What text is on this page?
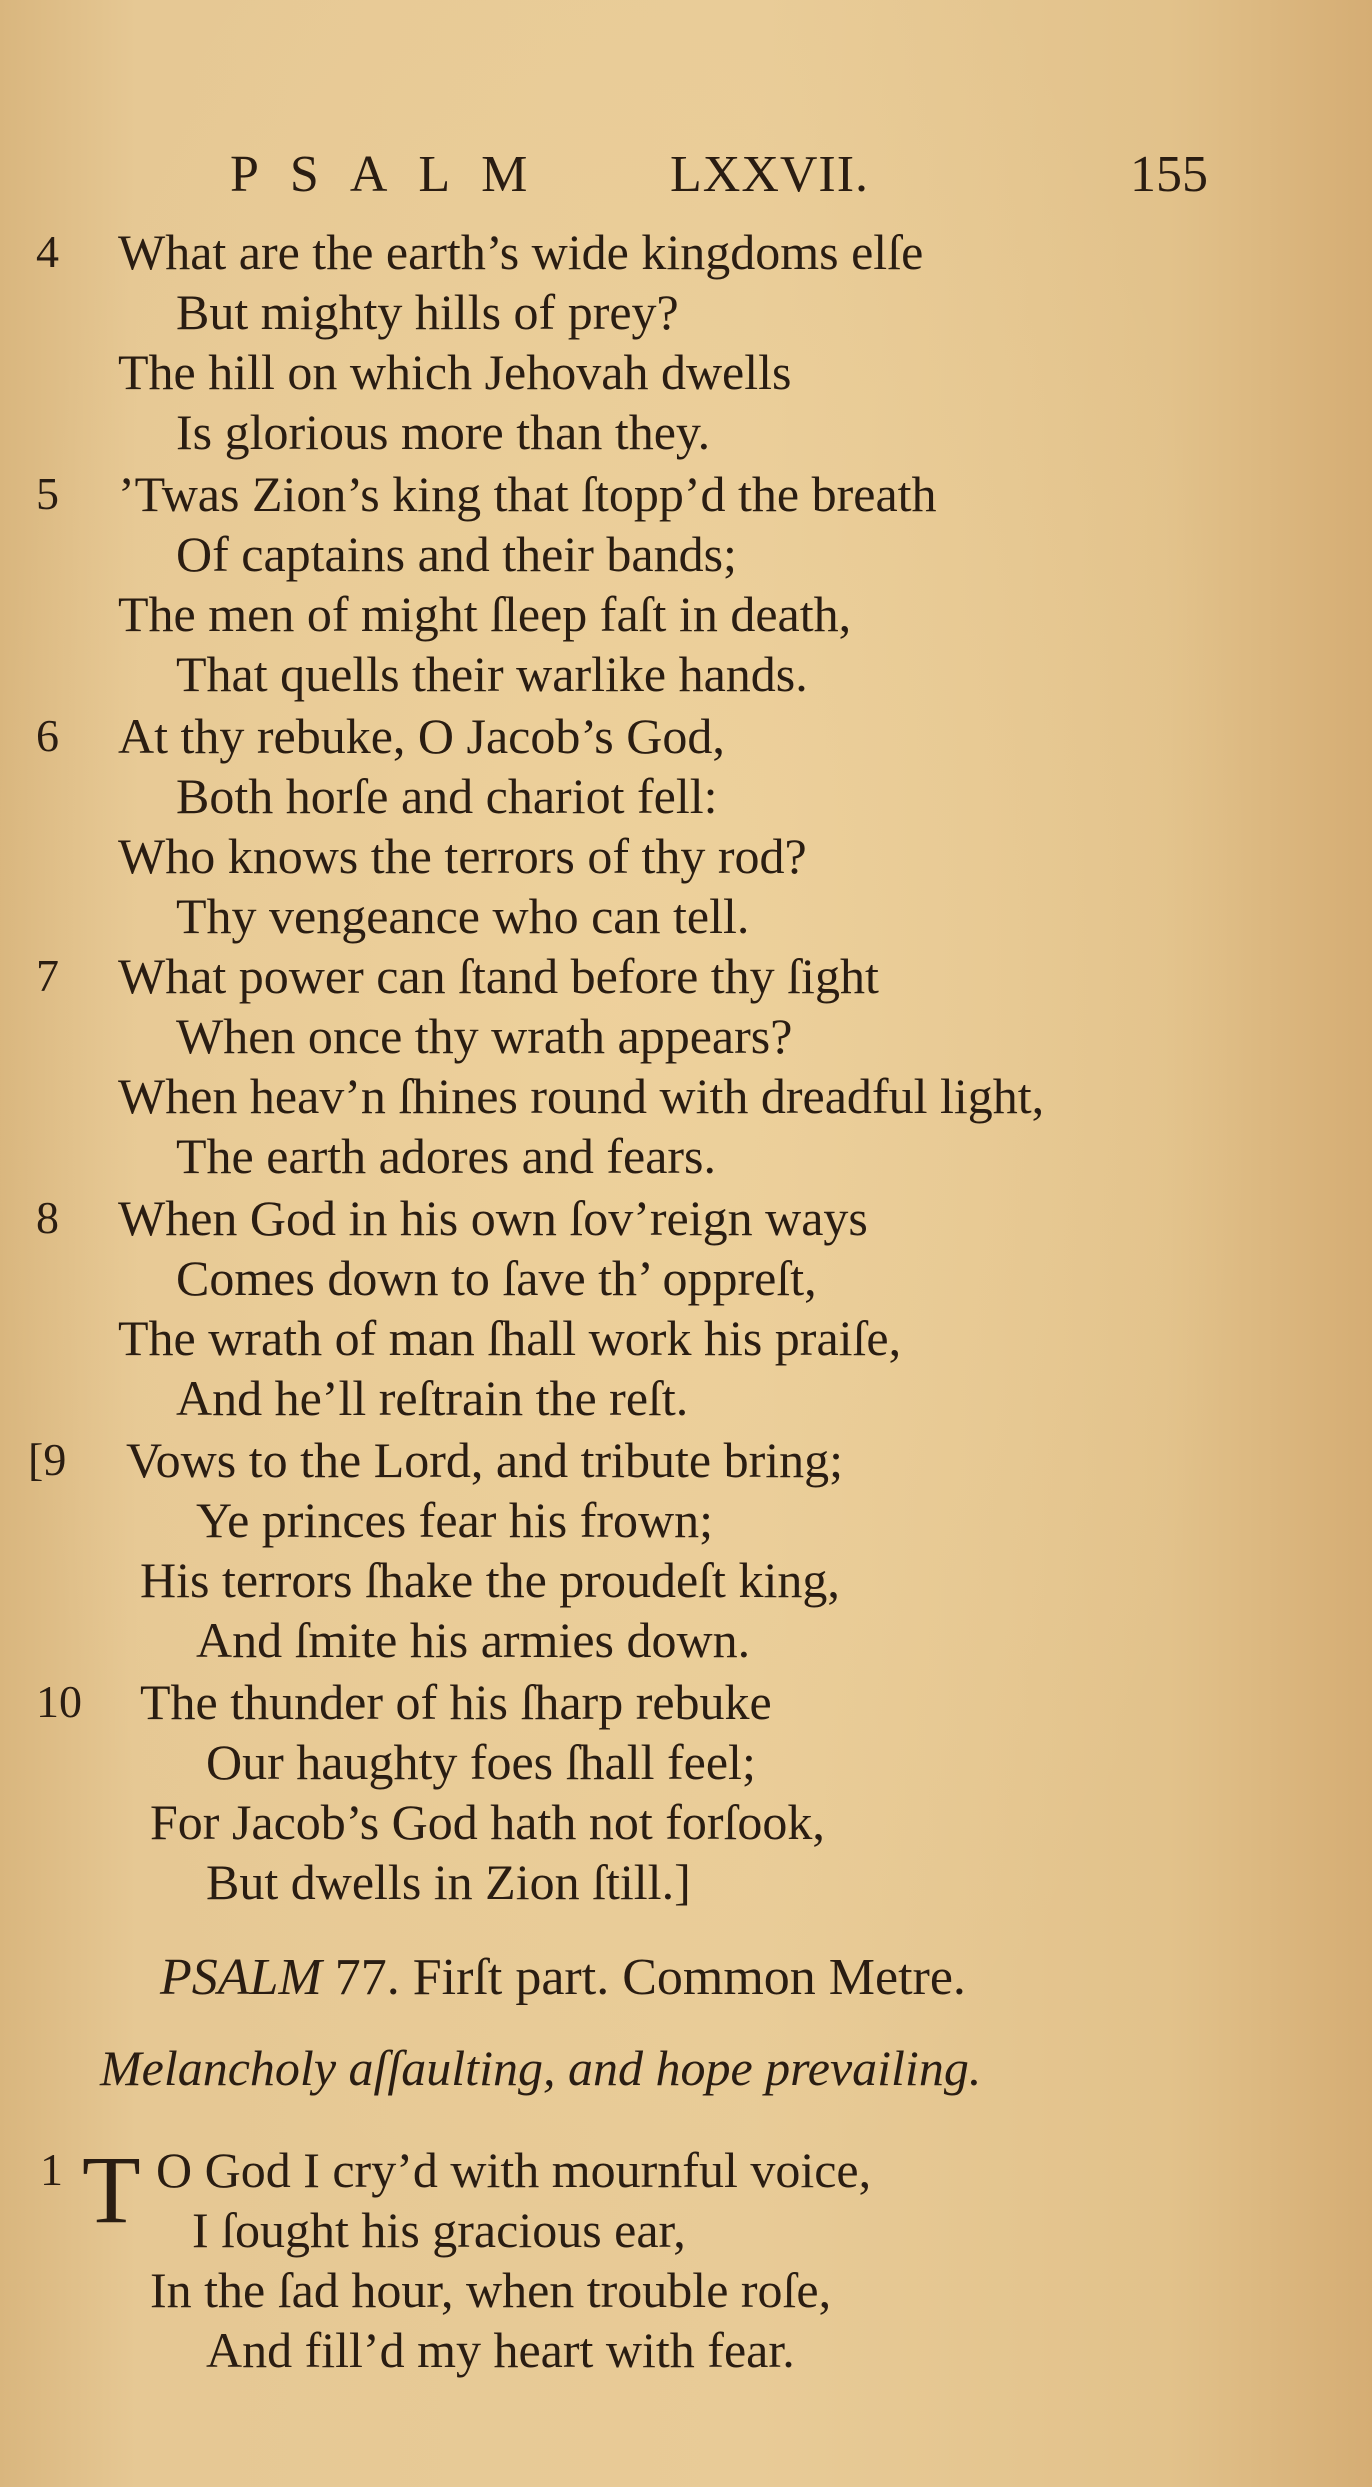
PSALM LXXVII.	155
4 What are the earth’s wide kingdoms elſe
But mighty hills of prey?
The hill on which Jehovah dwells
Is glorious more than they.
5 ’Twas Zion’s king that ſtopp’d the breath
Of captains and their bands;
The men of might ſleep faſt in death,
That quells their warlike hands.
6 At thy rebuke, O Jacob’s God,
Both horſe and chariot fell:
Who knows the terrors of thy rod?
Thy vengeance who can tell.
7 What power can ſtand before thy ſight
When once thy wrath appears?
When heav’n ſhines round with dreadful light,
The earth adores and fears.
8 When God in his own ſov’reign ways
Comes down to ſave th’ oppreſt,
The wrath of man ſhall work his praiſe,
And he’ll reſtrain the reſt.
[9 Vows to the Lord, and tribute bring;
Ye princes fear his frown;
His terrors ſhake the proudeſt king,
And ſmite his armies down.
10 The thunder of his ſharp rebuke
Our haughty foes ſhall feel;
For Jacob’s God hath not forſook,
But dwells in Zion ſtill.]
PSALM 77. Firſt part. Common Metre.
Melancholy aſſaulting, and hope prevailing.
1 T O God I cry’d with mournful voice,
I ſought his gracious ear,
In the ſad hour, when trouble roſe,
And fill’d my heart with fear.
